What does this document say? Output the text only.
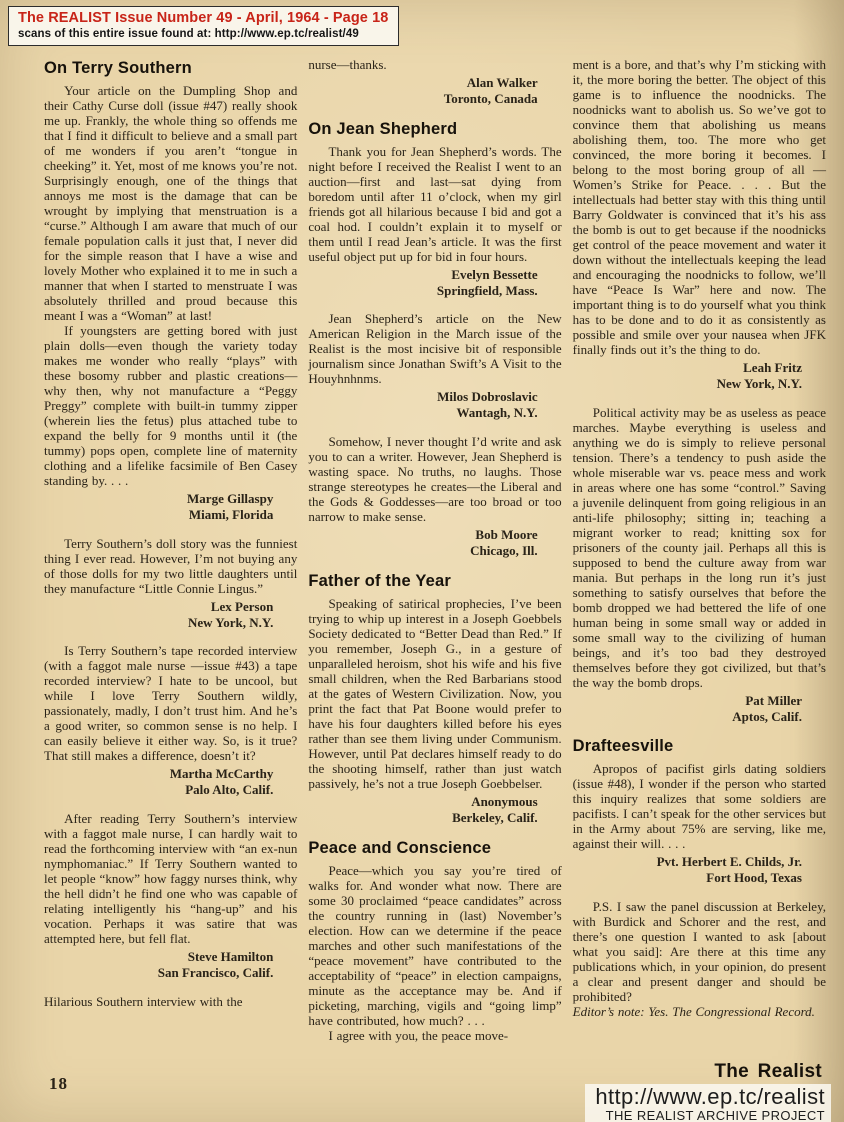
The REALIST Issue Number 49 - April, 1964 - Page 18
scans of this entire issue found at: http://www.ep.tc/realist/49
On Terry Southern

Your article on the Dumpling Shop and their Cathy Curse doll (issue #47) really shook me up. Frankly, the whole thing so offends me that I find it difficult to believe and a small part of me wonders if you aren’t “tongue in cheeking” it. Yet, most of me knows you’re not. Surprisingly enough, one of the things that annoys me most is the damage that can be wrought by implying that menstruation is a “curse.” Although I am aware that much of our female population calls it just that, I never did for the simple reason that I have a wise and lovely Mother who explained it to me in such a manner that when I started to menstruate I was absolutely thrilled and proud because this meant I was a “Woman” at last!

If youngsters are getting bored with just plain dolls—even though the variety today makes me wonder who really “plays” with these bosomy rubber and plastic creations—why then, why not manufacture a “Peggy Preggy” complete with built-in tummy zipper (wherein lies the fetus) plus attached tube to expand the belly for 9 months until it (the tummy) pops open, complete line of maternity clothing and a lifelike facsimile of Ben Casey standing by. . . .

Marge Gillaspy
Miami, Florida

Terry Southern’s doll story was the funniest thing I ever read. However, I’m not buying any of those dolls for my two little daughters until they manufacture “Little Connie Lingus.”

Lex Person
New York, N.Y.

Is Terry Southern’s tape recorded interview (with a faggot male nurse —issue #43) a tape recorded interview? I hate to be uncool, but while I love Terry Southern wildly, passionately, madly, I don’t trust him. And he’s a good writer, so common sense is no help. I can easily believe it either way. So, is it true? That still makes a difference, doesn’t it?

Martha McCarthy
Palo Alto, Calif.

After reading Terry Southern’s interview with a faggot male nurse, I can hardly wait to read the forthcoming interview with “an ex-nun nymphomaniac.” If Terry Southern wanted to let people “know” how faggy nurses think, why the hell didn’t he find one who was capable of relating intelligently his “hang-up” and his vocation. Perhaps it was satire that was attempted here, but fell flat.

Steve Hamilton
San Francisco, Calif.

Hilarious Southern interview with the

nurse—thanks.

Alan Walker
Toronto, Canada
On Jean Shepherd

Thank you for Jean Shepherd’s words. The night before I received the Realist I went to an auction—first and last—sat dying from boredom until after 11 o’clock, when my girl friends got all hilarious because I bid and got a coal hod. I couldn’t explain it to myself or them until I read Jean’s article. It was the first useful object put up for bid in four hours.

Evelyn Bessette
Springfield, Mass.

Jean Shepherd’s article on the New American Religion in the March issue of the Realist is the most incisive bit of responsible journalism since Jonathan Swift’s A Visit to the Houyhnhnms.

Milos Dobroslavic
Wantagh, N.Y.

Somehow, I never thought I’d write and ask you to can a writer. However, Jean Shepherd is wasting space. No truths, no laughs. Those strange stereotypes he creates—the Liberal and the Gods & Goddesses—are too broad or too narrow to make sense.

Bob Moore
Chicago, Ill.
Father of the Year

Speaking of satirical prophecies, I’ve been trying to whip up interest in a Joseph Goebbels Society dedicated to “Better Dead than Red.” If you remember, Joseph G., in a gesture of unparalleled heroism, shot his wife and his five small children, when the Red Barbarians stood at the gates of Western Civilization. Now, you print the fact that Pat Boone would prefer to have his four daughters killed before his eyes rather than see them living under Communism. However, until Pat declares himself ready to do the shooting himself, rather than just watch passively, he’s not a true Joseph Goebbelser.

Anonymous
Berkeley, Calif.
Peace and Conscience

Peace—which you say you’re tired of walks for. And wonder what now. There are some 30 proclaimed “peace candidates” across the country running in (last) November’s election. How can we determine if the peace marches and other such manifestations of the “peace movement” have contributed to the acceptability of “peace” in election campaigns, minute as the acceptance may be. And if picketing, marching, vigils and “going limp” have contributed, how much? . . .

I agree with you, the peace move-

ment is a bore, and that’s why I’m sticking with it, the more boring the better. The object of this game is to influence the noodnicks. The noodnicks want to abolish us. So we’ve got to convince them that abolishing us means abolishing them, too. The more who get convinced, the more boring it becomes. I belong to the most boring group of all — Women’s Strike for Peace. . . . But the intellectuals had better stay with this thing until Barry Goldwater is convinced that it’s his ass the bomb is out to get because if the noodnicks get control of the peace movement and water it down without the intellectuals keeping the lead and encouraging the noodnicks to follow, we’ll have “Peace Is War” here and now. The important thing is to do yourself what you think has to be done and to do it as consistently as possible and smile over your nausea when JFK finally finds out it’s the thing to do.

Leah Fritz
New York, N.Y.

Political activity may be as useless as peace marches. Maybe everything is useless and anything we do is simply to relieve personal tension. There’s a tendency to push aside the whole miserable war vs. peace mess and work in areas where one has some “control.” Saving a juvenile delinquent from going religious in an anti-life philosophy; sitting in; teaching a migrant worker to read; knitting sox for prisoners of the county jail. Perhaps all this is supposed to bend the culture away from war mania. But perhaps in the long run it’s just something to satisfy ourselves that before the bomb dropped we had bettered the life of one human being in some small way or added in some small way to the civilizing of human beings, and it’s too bad they destroyed themselves before they got civilized, but that’s the way the bomb drops.

Pat Miller
Aptos, Calif.
Drafteesville

Apropos of pacifist girls dating soldiers (issue #48), I wonder if the person who started this inquiry realizes that some soldiers are pacifists. I can’t speak for the other services but in the Army about 75% are serving, like me, against their will. . . .

Pvt. Herbert E. Childs, Jr.
Fort Hood, Texas

P.S. I saw the panel discussion at Berkeley, with Burdick and Schorer and the rest, and there’s one question I wanted to ask [about what you said]: Are there at this time any publications which, in your opinion, do present a clear and present danger and should be prohibited?

Editor’s note: Yes. The Congressional Record.

18
The Realist
http://www.ep.tc/realist
THE REALIST ARCHIVE PROJECT
